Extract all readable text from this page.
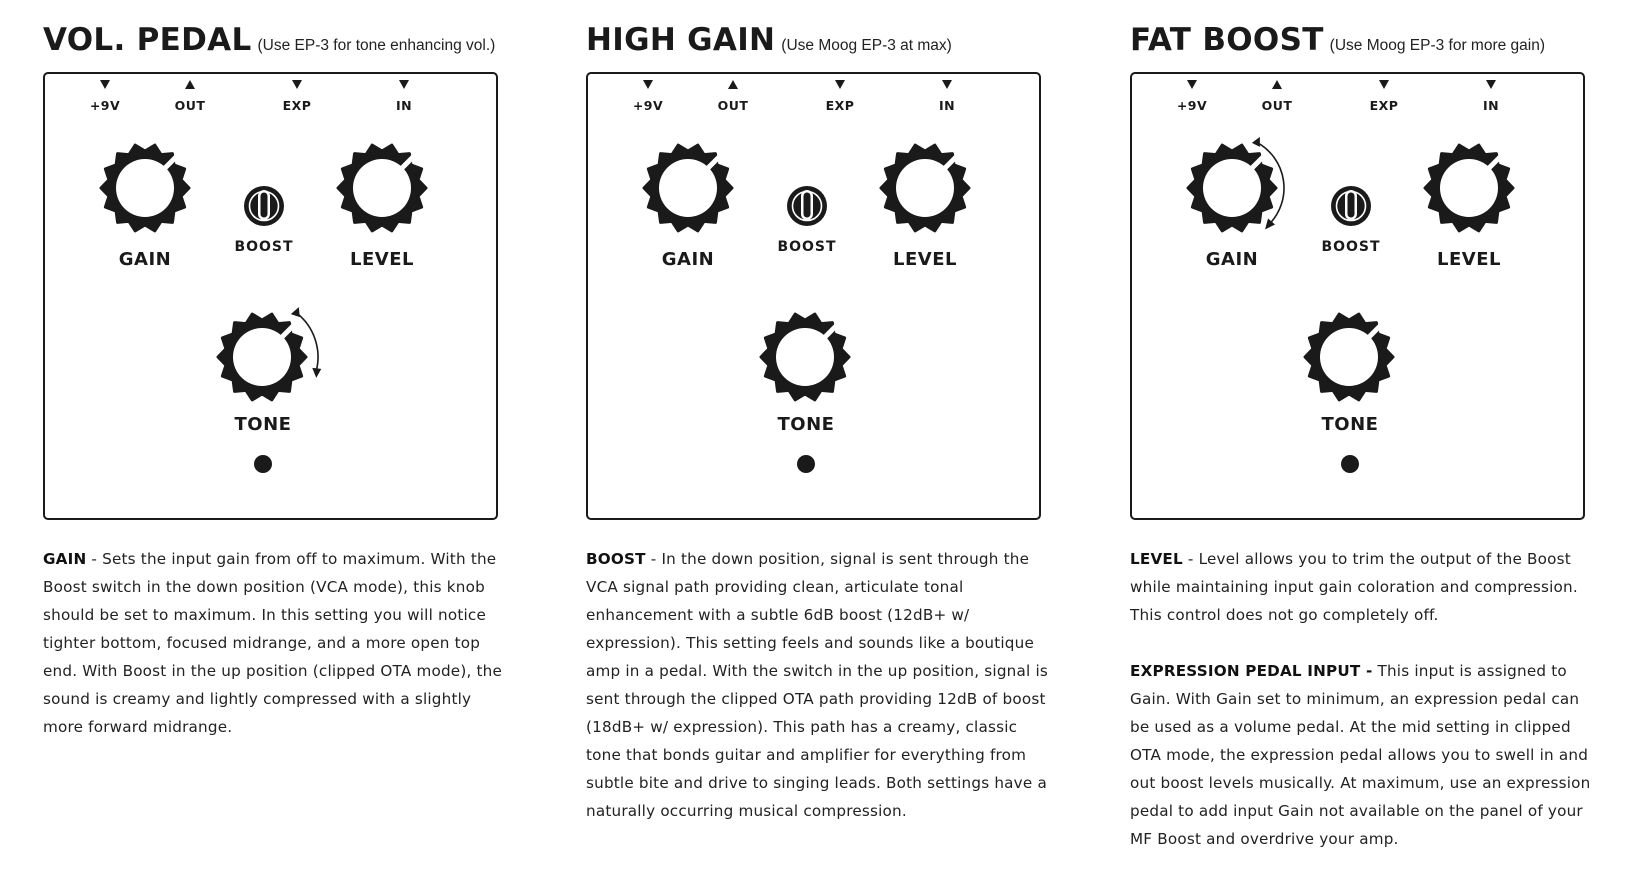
VOL. PEDAL (Use EP-3 for tone enhancing vol.)
+9V	OUT	EXP	IN
GAIN
BOOST
LEVEL
TONE

GAIN - Sets the input gain from off to maximum. With the Boost switch in the down position (VCA mode), this knob should be set to maximum. In this setting you will notice tighter bottom, focused midrange, and a more open top end. With Boost in the up position (clipped OTA mode), the sound is creamy and lightly compressed with a slightly more forward midrange.

HIGH GAIN (Use Moog EP-3 at max)
+9V	OUT	EXP	IN
GAIN
BOOST
LEVEL
TONE

BOOST - In the down position, signal is sent through the VCA signal path providing clean, articulate tonal enhancement with a subtle 6dB boost (12dB+ w/ expression). This setting feels and sounds like a boutique amp in a pedal. With the switch in the up position, signal is sent through the clipped OTA path providing 12dB of boost (18dB+ w/ expression). This path has a creamy, classic tone that bonds guitar and amplifier for everything from subtle bite and drive to singing leads. Both settings have a naturally occurring musical compression.

FAT BOOST (Use Moog EP-3 for more gain)
+9V	OUT	EXP	IN
GAIN
BOOST
LEVEL
TONE

LEVEL - Level allows you to trim the output of the Boost while maintaining input gain coloration and compression. This control does not go completely off.

EXPRESSION PEDAL INPUT - This input is assigned to Gain. With Gain set to minimum, an expression pedal can be used as a volume pedal. At the mid setting in clipped OTA mode, the expression pedal allows you to swell in and out boost levels musically. At maximum, use an expression pedal to add input Gain not available on the panel of your MF Boost and overdrive your amp.
